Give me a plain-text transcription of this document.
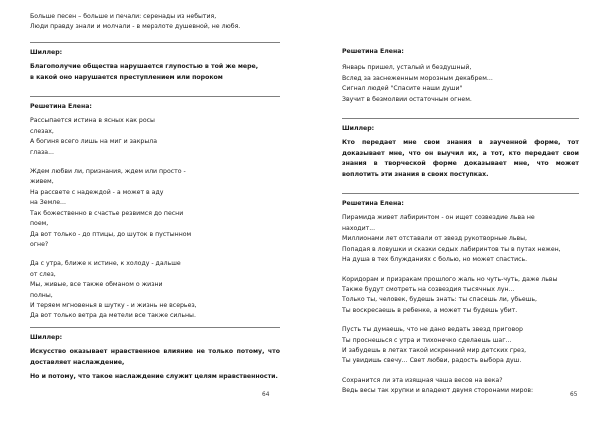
Больше песен – больше и печали: серенады из небытия,
Люди правду знали и молчали - в мерзлоте душевной, не любя.
Шиллер:
Благополучие общества нарушается глупостью в той же мере,
в какой оно нарушается преступлением или пороком
Решетина Елена:
Рассыпается истина в ясных как росы
слезах,
А богиня всего лишь на миг и закрыла
глаза...
Ждем любви ли, признания, ждем или просто -
живем,
На рассвете с надеждой - а может в аду
на Земле...
Так божественно в счастье резвимся до песни
поем,
Да вот только - до птицы, до шуток в пустынном
огне?
Да с утра, ближе к истине, к холоду - дальше
от слез,
Мы, живые, все также обманом о жизни
полны,
И теряем мгновенья в шутку - и жизнь не всерьез,
Да вот только ветра да метели все также сильны.
Шиллер:
Искусство оказывает нравственное влияние не только потому, что доставляет наслаждение,
Но и потому, что такое наслаждение служит целям нравственности.
64
Решетина Елена:
Январь пришел, усталый и бездушный,
Вслед за заснеженным морозным декабрем...
Сигнал людей "Спасите наши души"
Звучит в безмолвии остаточным огнем.
Шиллер:
Кто передает мне свои знания в заученной форме, тот доказывает мне, что он выучил их, а тот, кто передает свои знания в творческой форме доказывает мне, что может воплотить эти знания в своих поступках.
Решетина Елена:
Пирамида живет лабиринтом - он ищет созвездие льва не
находит...
Миллионами лет отставали от звезд рукотворные львы,
Попадая в ловушки и сказки седых лабиринтов ты в путах нежен,
На душа в тех блужданиях с болью, но может спастись.
Коридорам и призракам прошлого жаль но чуть-чуть, даже львы
Также будут смотреть на созвездия тысячных лун...
Только ты, человек, будешь знать: ты спасешь ли, убьешь,
Ты воскресаешь в ребенке, а может ты будешь убит.
Пусть ты думаешь, что не дано ведать звезд приговор
Ты проснешься с утра и тихонечко сделаешь шаг...
И забудешь в летах такой искренний мир детских грез,
Ты увидишь свечу... Свет любви, радость выбора душ.
Сохранится ли эта изящная чаша весов на века?
Ведь весы так хрупки и владеют двумя сторонами миров:
65
